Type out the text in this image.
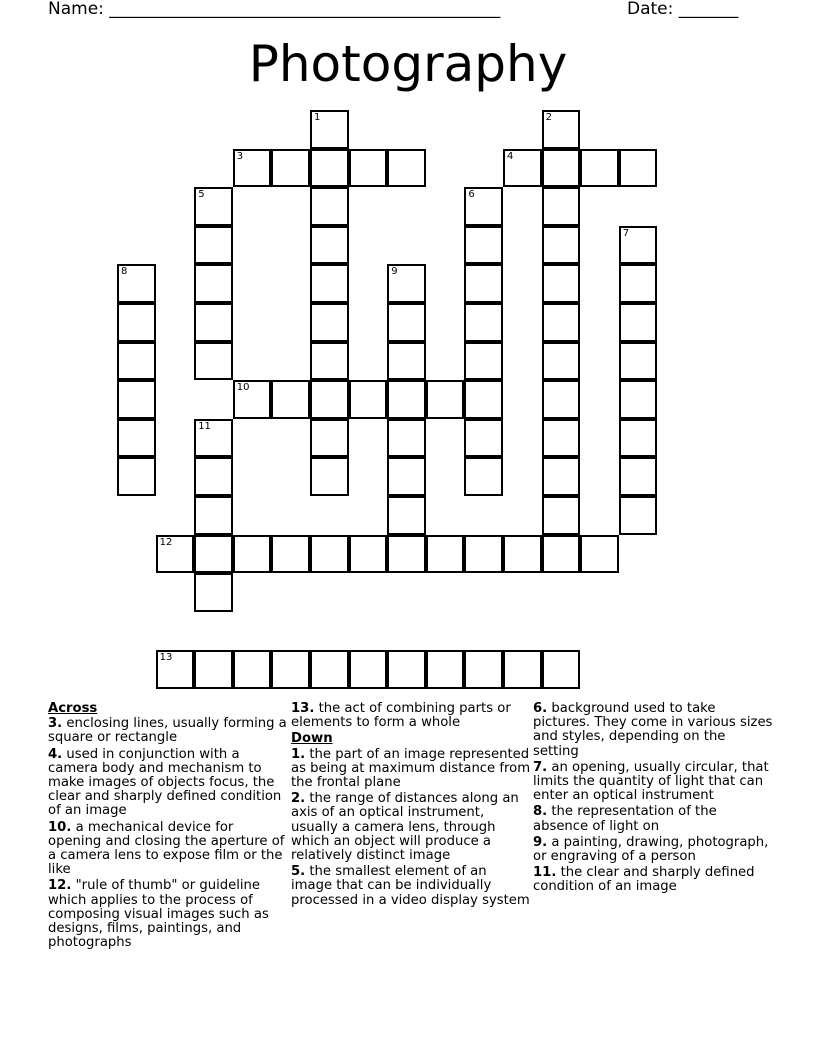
Name: ______________________________________________	Date: _______
Photography
1	2
3	4
5	6
7
8	9
10
11
12
13
Across
3. enclosing lines, usually forming a square or rectangle
4. used in conjunction with a camera body and mechanism to make images of objects focus, the clear and sharply defined condition of an image
10. a mechanical device for opening and closing the aperture of a camera lens to expose film or the like
12. "rule of thumb" or guideline which applies to the process of composing visual images such as designs, films, paintings, and photographs
13. the act of combining parts or elements to form a whole
Down
1. the part of an image represented as being at maximum distance from the frontal plane
2. the range of distances along an axis of an optical instrument, usually a camera lens, through which an object will produce a relatively distinct image
5. the smallest element of an image that can be individually processed in a video display system
6. background used to take pictures. They come in various sizes and styles, depending on the setting
7. an opening, usually circular, that limits the quantity of light that can enter an optical instrument
8. the representation of the absence of light on
9. a painting, drawing, photograph, or engraving of a person
11. the clear and sharply defined condition of an image
